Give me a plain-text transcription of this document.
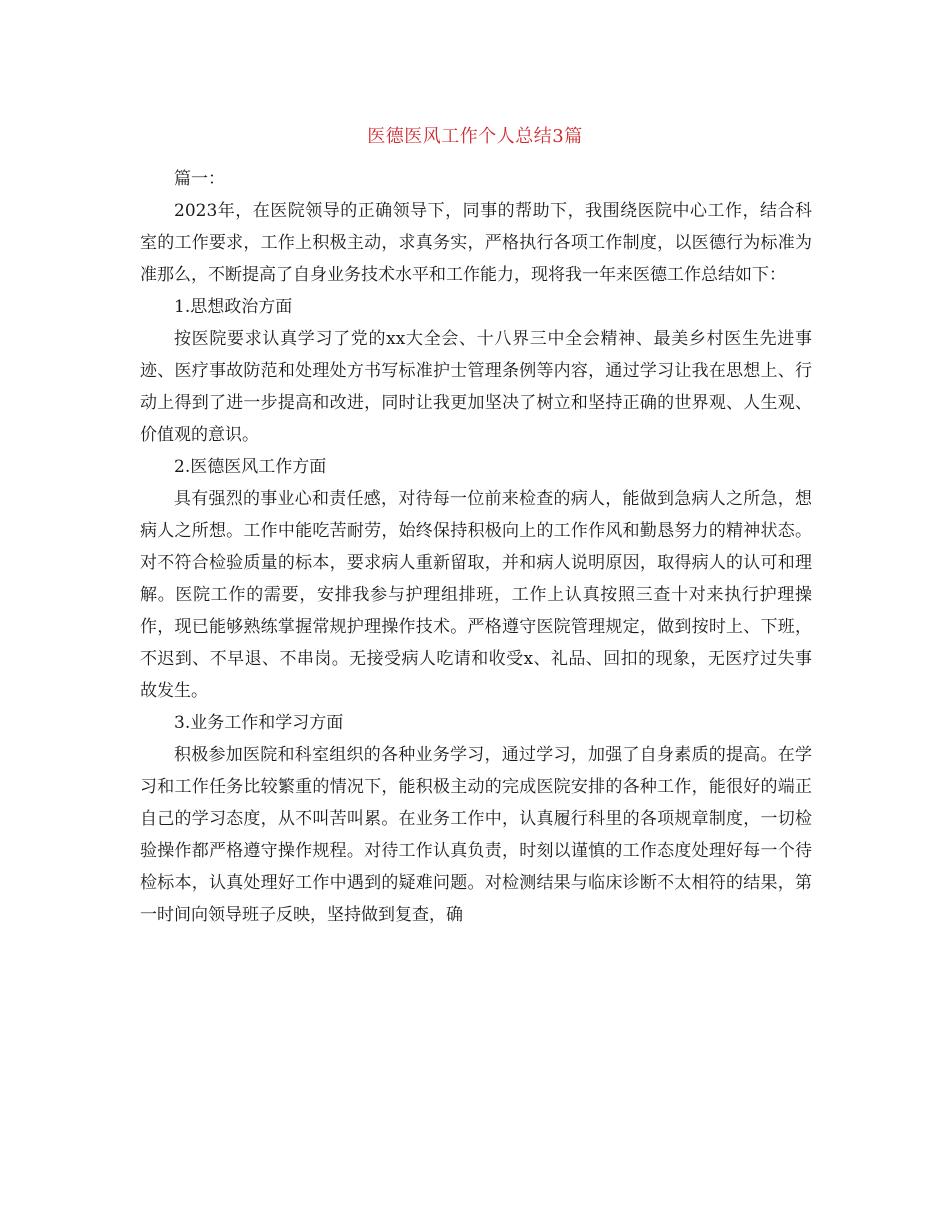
医德医风工作个人总结3篇

篇一：

2023年，在医院领导的正确领导下，同事的帮助下，我围绕医院中心工作，结合科室的工作要求，工作上积极主动，求真务实，严格执行各项工作制度，以医德行为标准为准那么，不断提高了自身业务技术水平和工作能力，现将我一年来医德工作总结如下：

1.思想政治方面

按医院要求认真学习了党的xx大全会、十八界三中全会精神、最美乡村医生先进事迹、医疗事故防范和处理处方书写标准护士管理条例等内容，通过学习让我在思想上、行动上得到了进一步提高和改进，同时让我更加坚决了树立和坚持正确的世界观、人生观、价值观的意识。

2.医德医风工作方面

具有强烈的事业心和责任感，对待每一位前来检查的病人，能做到急病人之所急，想病人之所想。工作中能吃苦耐劳，始终保持积极向上的工作作风和勤恳努力的精神状态。对不符合检验质量的标本，要求病人重新留取，并和病人说明原因，取得病人的认可和理解。医院工作的需要，安排我参与护理组排班，工作上认真按照三查十对来执行护理操作，现已能够熟练掌握常规护理操作技术。严格遵守医院管理规定，做到按时上、下班，不迟到、不早退、不串岗。无接受病人吃请和收受x、礼品、回扣的现象，无医疗过失事故发生。

3.业务工作和学习方面

积极参加医院和科室组织的各种业务学习，通过学习，加强了自身素质的提高。在学习和工作任务比较繁重的情况下，能积极主动的完成医院安排的各种工作，能很好的端正自己的学习态度，从不叫苦叫累。在业务工作中，认真履行科里的各项规章制度，一切检验操作都严格遵守操作规程。对待工作认真负责，时刻以谨慎的工作态度处理好每一个待检标本，认真处理好工作中遇到的疑难问题。对检测结果与临床诊断不太相符的结果，第一时间向领导班子反映，坚持做到复查，确
